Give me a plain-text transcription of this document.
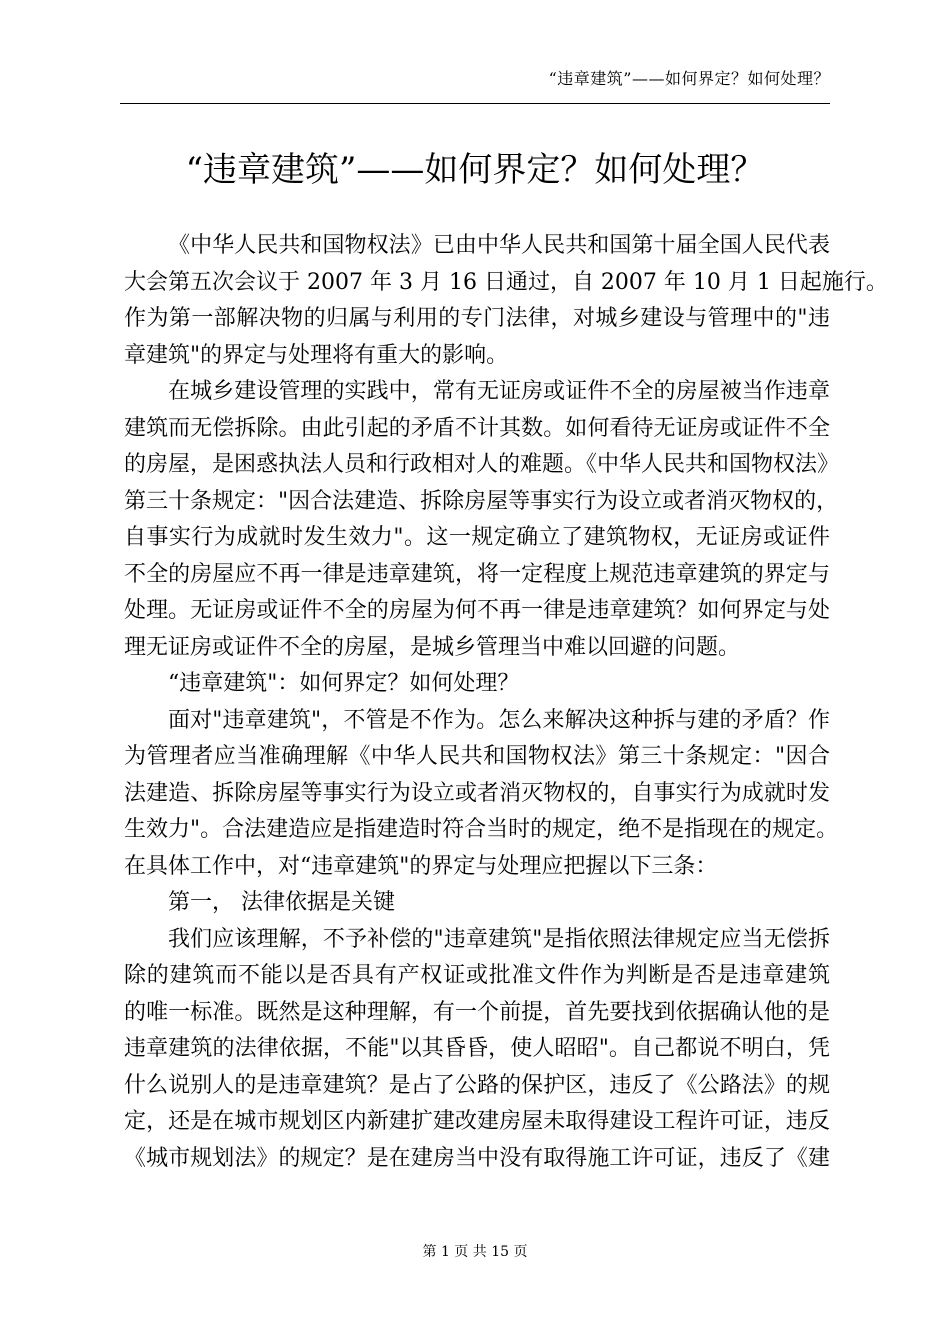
“违章建筑”——如何界定？如何处理？
“违章建筑”——如何界定？如何处理？
《中华人民共和国物权法》已由中华人民共和国第十届全国人民代表
大会第五次会议于 2007 年 3 月 16 日通过，自 2007 年 10 月 1 日起施行。
作为第一部解决物的归属与利用的专门法律，对城乡建设与管理中的"违
章建筑"的界定与处理将有重大的影响。
在城乡建设管理的实践中，常有无证房或证件不全的房屋被当作违章
建筑而无偿拆除。由此引起的矛盾不计其数。如何看待无证房或证件不全
的房屋，是困惑执法人员和行政相对人的难题。《中华人民共和国物权法》
第三十条规定："因合法建造、拆除房屋等事实行为设立或者消灭物权的，
自事实行为成就时发生效力"。这一规定确立了建筑物权，无证房或证件
不全的房屋应不再一律是违章建筑，将一定程度上规范违章建筑的界定与
处理。无证房或证件不全的房屋为何不再一律是违章建筑？如何界定与处
理无证房或证件不全的房屋，是城乡管理当中难以回避的问题。
“违章建筑"：如何界定？如何处理？
面对"违章建筑"，不管是不作为。怎么来解决这种拆与建的矛盾？作
为管理者应当准确理解《中华人民共和国物权法》第三十条规定："因合
法建造、拆除房屋等事实行为设立或者消灭物权的，自事实行为成就时发
生效力"。合法建造应是指建造时符合当时的规定，绝不是指现在的规定。
在具体工作中，对“违章建筑"的界定与处理应把握以下三条：
第一， 法律依据是关键
我们应该理解，不予补偿的"违章建筑"是指依照法律规定应当无偿拆
除的建筑而不能以是否具有产权证或批准文件作为判断是否是违章建筑
的唯一标准。既然是这种理解，有一个前提，首先要找到依据确认他的是
违章建筑的法律依据，不能"以其昏昏，使人昭昭"。自己都说不明白，凭
什么说别人的是违章建筑？是占了公路的保护区，违反了《公路法》的规
定，还是在城市规划区内新建扩建改建房屋未取得建设工程许可证，违反
《城市规划法》的规定？是在建房当中没有取得施工许可证，违反了《建
第 1 页 共 15 页
